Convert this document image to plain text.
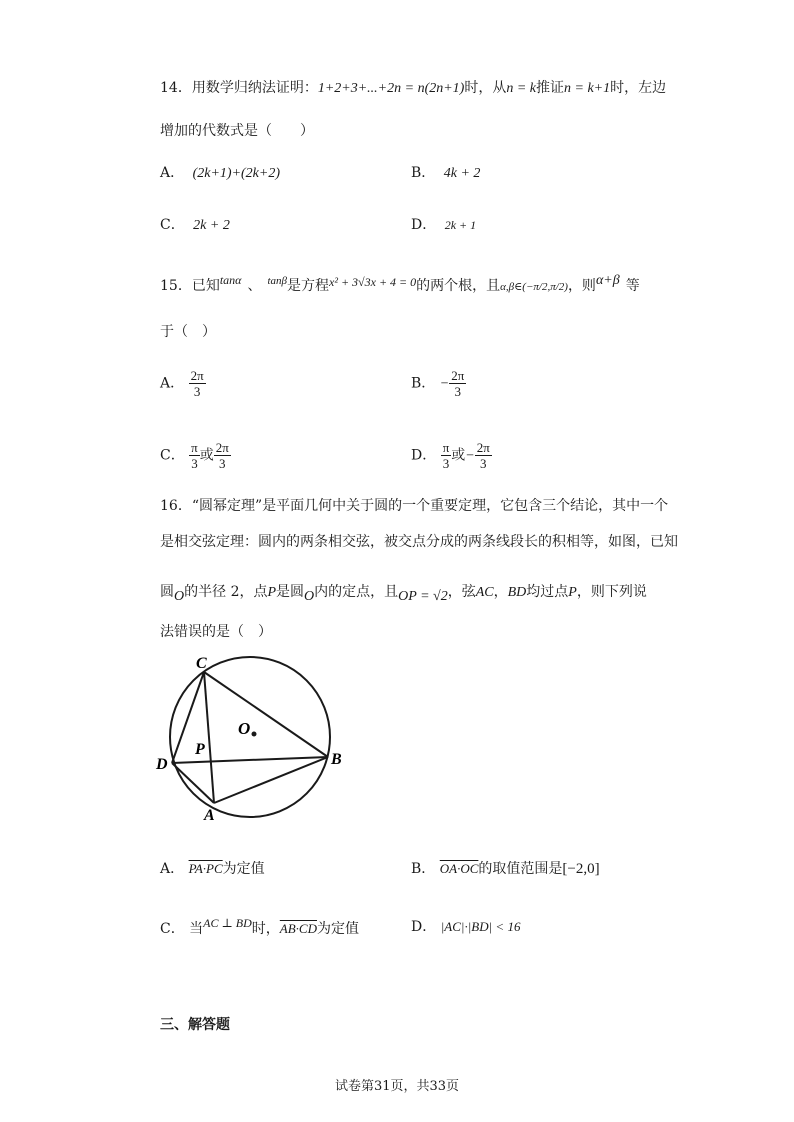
14．用数学归纳法证明：1+2+3+...+2n = n(2n+1)时，从n = k推证n = k+1时，左边
增加的代数式是（　　）
A． (2k+1)+(2k+2)	B． 4k + 2
C． 2k + 2	D． 2k + 1
15．已知tanα 、 $^{tan\beta}$是方程x² + 3√3x + 4 = 0的两个根，且α,β∈(−π/2,π/2)，则α+β 等
于（　）
A． $\frac{2\pi}{3}$	B． − $\frac{2\pi}{3}$
C． $\frac{\pi}{3}$ 或 $\frac{2\pi}{3}$	D． $\frac{\pi}{3}$ 或− $\frac{2\pi}{3}$
16．“圆幂定理”是平面几何中关于圆的一个重要定理，它包含三个结论，其中一个
是相交弦定理：圆内的两条相交弦，被交点分成的两条线段长的积相等，如图，已知
圆O的半径 2，点P是圆O内的定点，且OP = √2，弦AC，BD均过点P，则下列说
法错误的是（　）
C
D
P
O
B
A
A． PA·PC为定值	B． OA·OC的取值范围是[−2,0]
C． 当AC ⊥ BD时，AB·CD为定值	D． |AC|·|BD| < 16
三、解答题
试卷第31页，共33页
